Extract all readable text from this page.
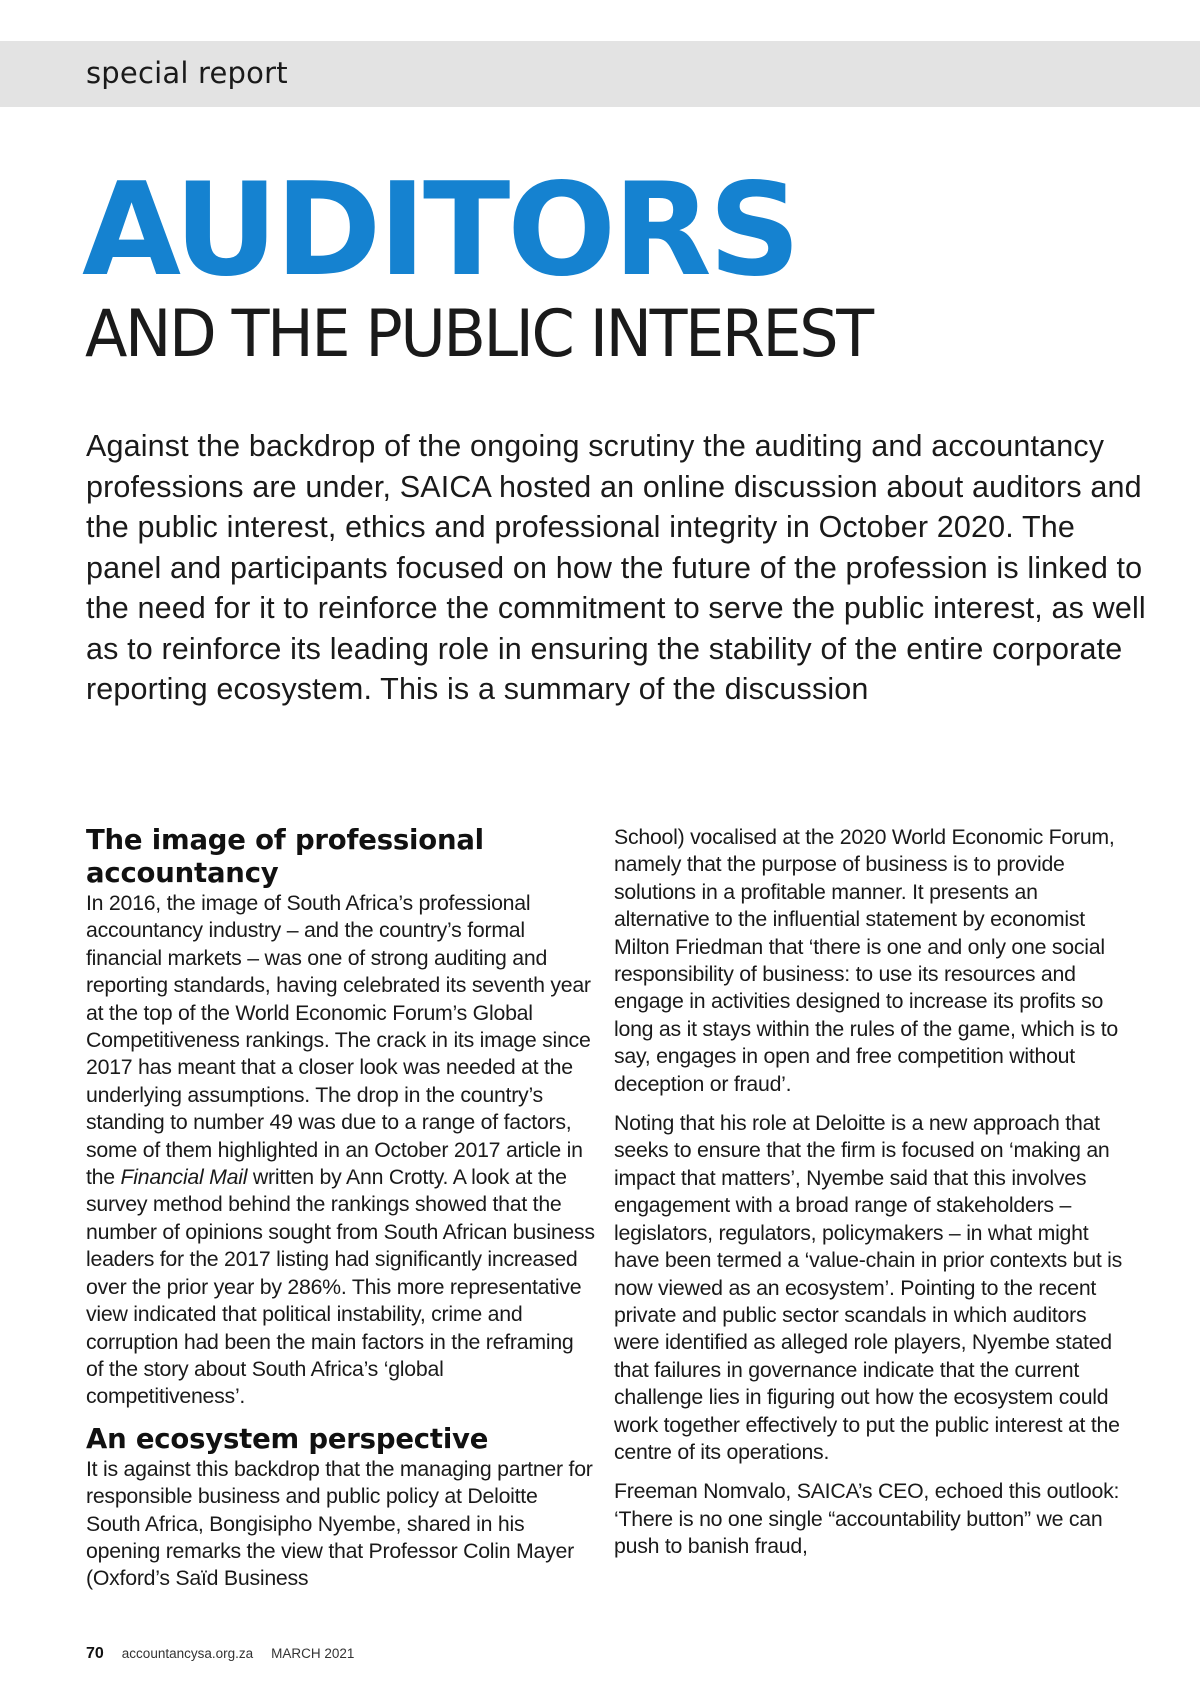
special report
AUDITORS
AND THE PUBLIC INTEREST

Against the backdrop of the ongoing scrutiny the auditing and accountancy professions are under, SAICA hosted an online discussion about auditors and the public interest, ethics and professional integrity in October 2020. The panel and participants focused on how the future of the profession is linked to the need for it to reinforce the commitment to serve the public interest, as well as to reinforce its leading role in ensuring the stability of the entire corporate reporting ecosystem. This is a summary of the discussion

The image of professional accountancy

In 2016, the image of South Africa’s professional accountancy industry – and the country’s formal financial markets – was one of strong auditing and reporting standards, having celebrated its seventh year at the top of the World Economic Forum’s Global Competitiveness rankings. The crack in its image since 2017 has meant that a closer look was needed at the underlying assumptions. The drop in the country’s standing to number 49 was due to a range of factors, some of them highlighted in an October 2017 article in the Financial Mail written by Ann Crotty. A look at the survey method behind the rankings showed that the number of opinions sought from South African business leaders for the 2017 listing had significantly increased over the prior year by 286%. This more representative view indicated that political instability, crime and corruption had been the main factors in the reframing of the story about South Africa’s ‘global competitiveness’.

An ecosystem perspective

It is against this backdrop that the managing partner for responsible business and public policy at Deloitte South Africa, Bongisipho Nyembe, shared in his opening remarks the view that Professor Colin Mayer (Oxford’s Saïd Business

School) vocalised at the 2020 World Economic Forum, namely that the purpose of business is to provide solutions in a profitable manner. It presents an alternative to the influential statement by economist Milton Friedman that ‘there is one and only one social responsibility of business: to use its resources and engage in activities designed to increase its profits so long as it stays within the rules of the game, which is to say, engages in open and free competition without deception or fraud’.

Noting that his role at Deloitte is a new approach that seeks to ensure that the firm is focused on ‘making an impact that matters’, Nyembe said that this involves engagement with a broad range of stakeholders – legislators, regulators, policymakers – in what might have been termed a ‘value-chain in prior contexts but is now viewed as an ecosystem’. Pointing to the recent private and public sector scandals in which auditors were identified as alleged role players, Nyembe stated that failures in governance indicate that the current challenge lies in figuring out how the ecosystem could work together effectively to put the public interest at the centre of its operations.

Freeman Nomvalo, SAICA’s CEO, echoed this outlook: ‘There is no one single “accountability button” we can push to banish fraud,

70 accountancysa.org.za MARCH 2021
